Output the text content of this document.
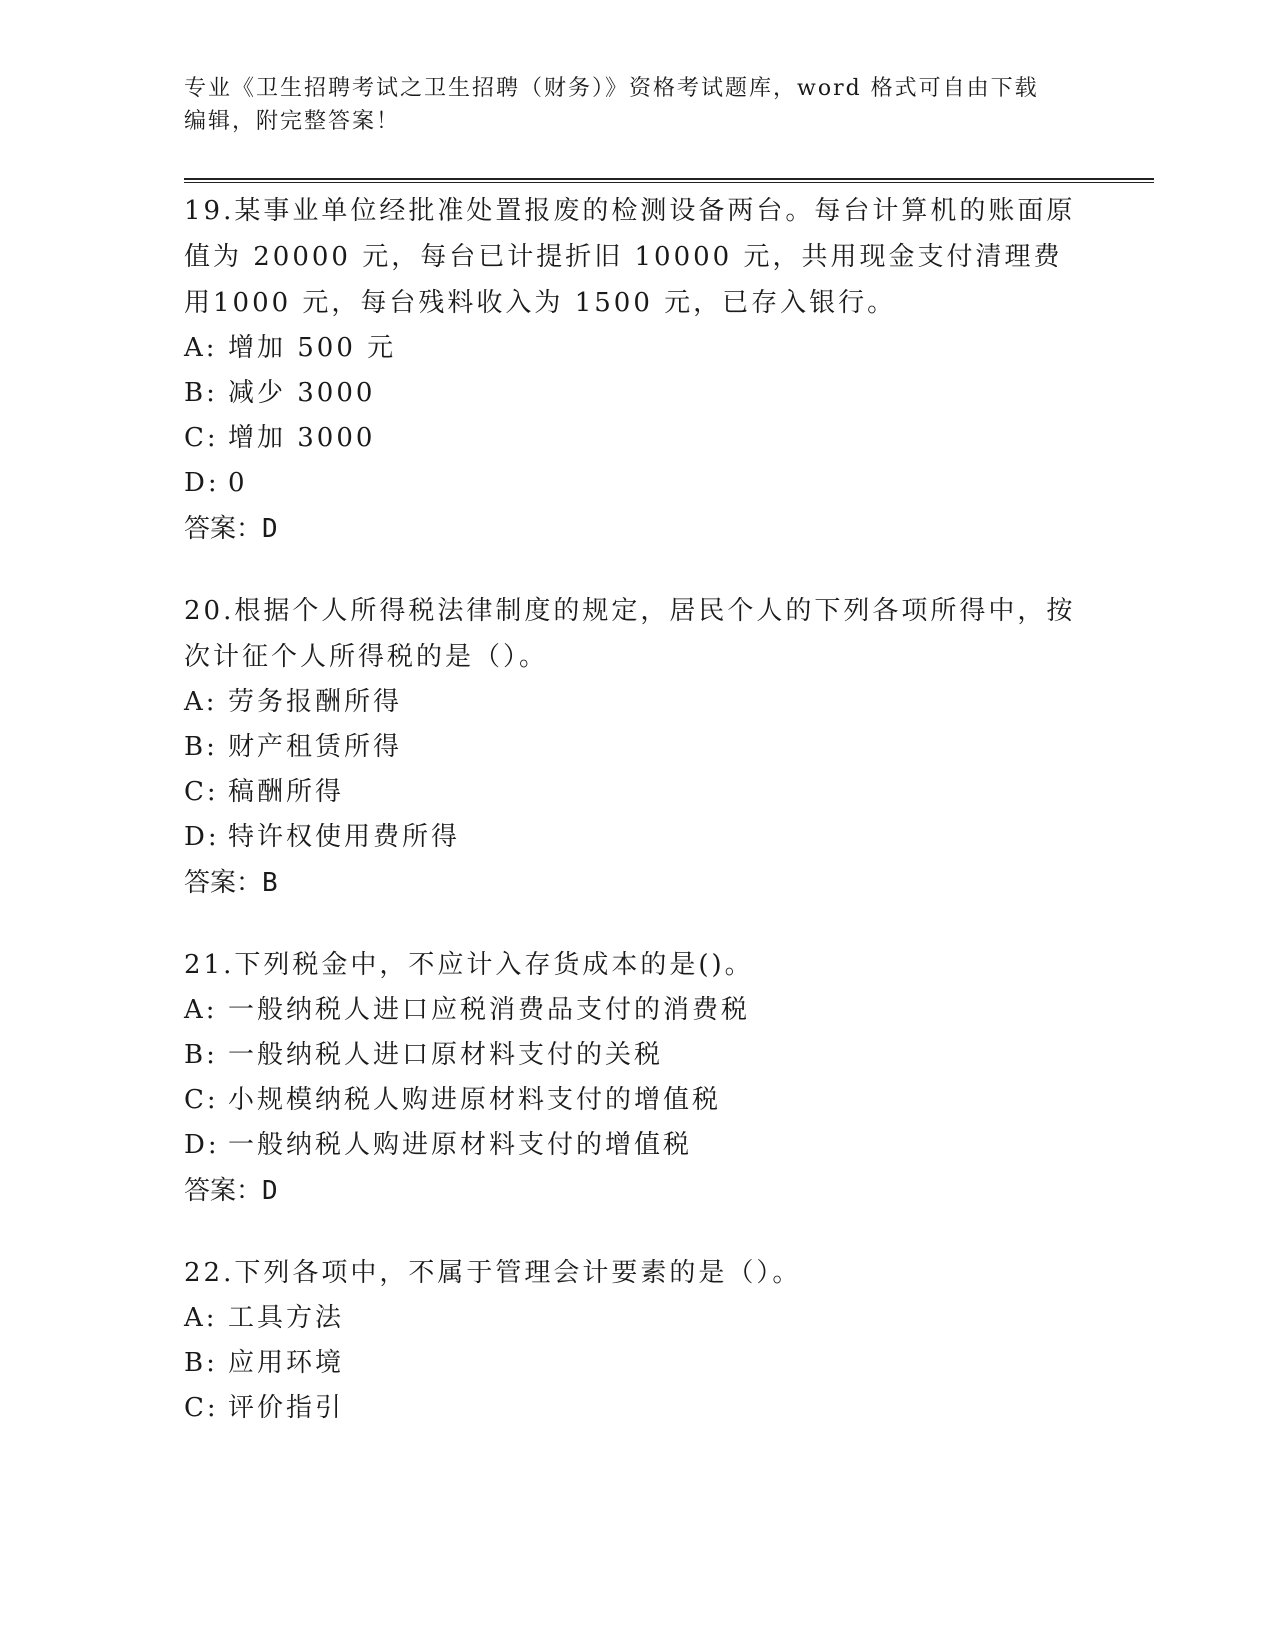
专业《卫生招聘考试之卫生招聘（财务）》资格考试题库，word 格式可自由下载
编辑，附完整答案！

19.某事业单位经批准处置报废的检测设备两台。每台计算机的账面原值为 20000 元，每台已计提折旧 10000 元，共用现金支付清理费用1000 元，每台残料收入为 1500 元，已存入银行。

A: 增加 500 元

B: 减少 3000

C: 增加 3000

D: 0

答案：D

20.根据个人所得税法律制度的规定，居民个人的下列各项所得中，按次计征个人所得税的是（）。

A: 劳务报酬所得

B: 财产租赁所得

C: 稿酬所得

D: 特许权使用费所得

答案：B

21.下列税金中，不应计入存货成本的是()。

A: 一般纳税人进口应税消费品支付的消费税

B: 一般纳税人进口原材料支付的关税

C: 小规模纳税人购进原材料支付的增值税

D: 一般纳税人购进原材料支付的增值税

答案：D

22.下列各项中，不属于管理会计要素的是（）。

A: 工具方法

B: 应用环境

C: 评价指引
